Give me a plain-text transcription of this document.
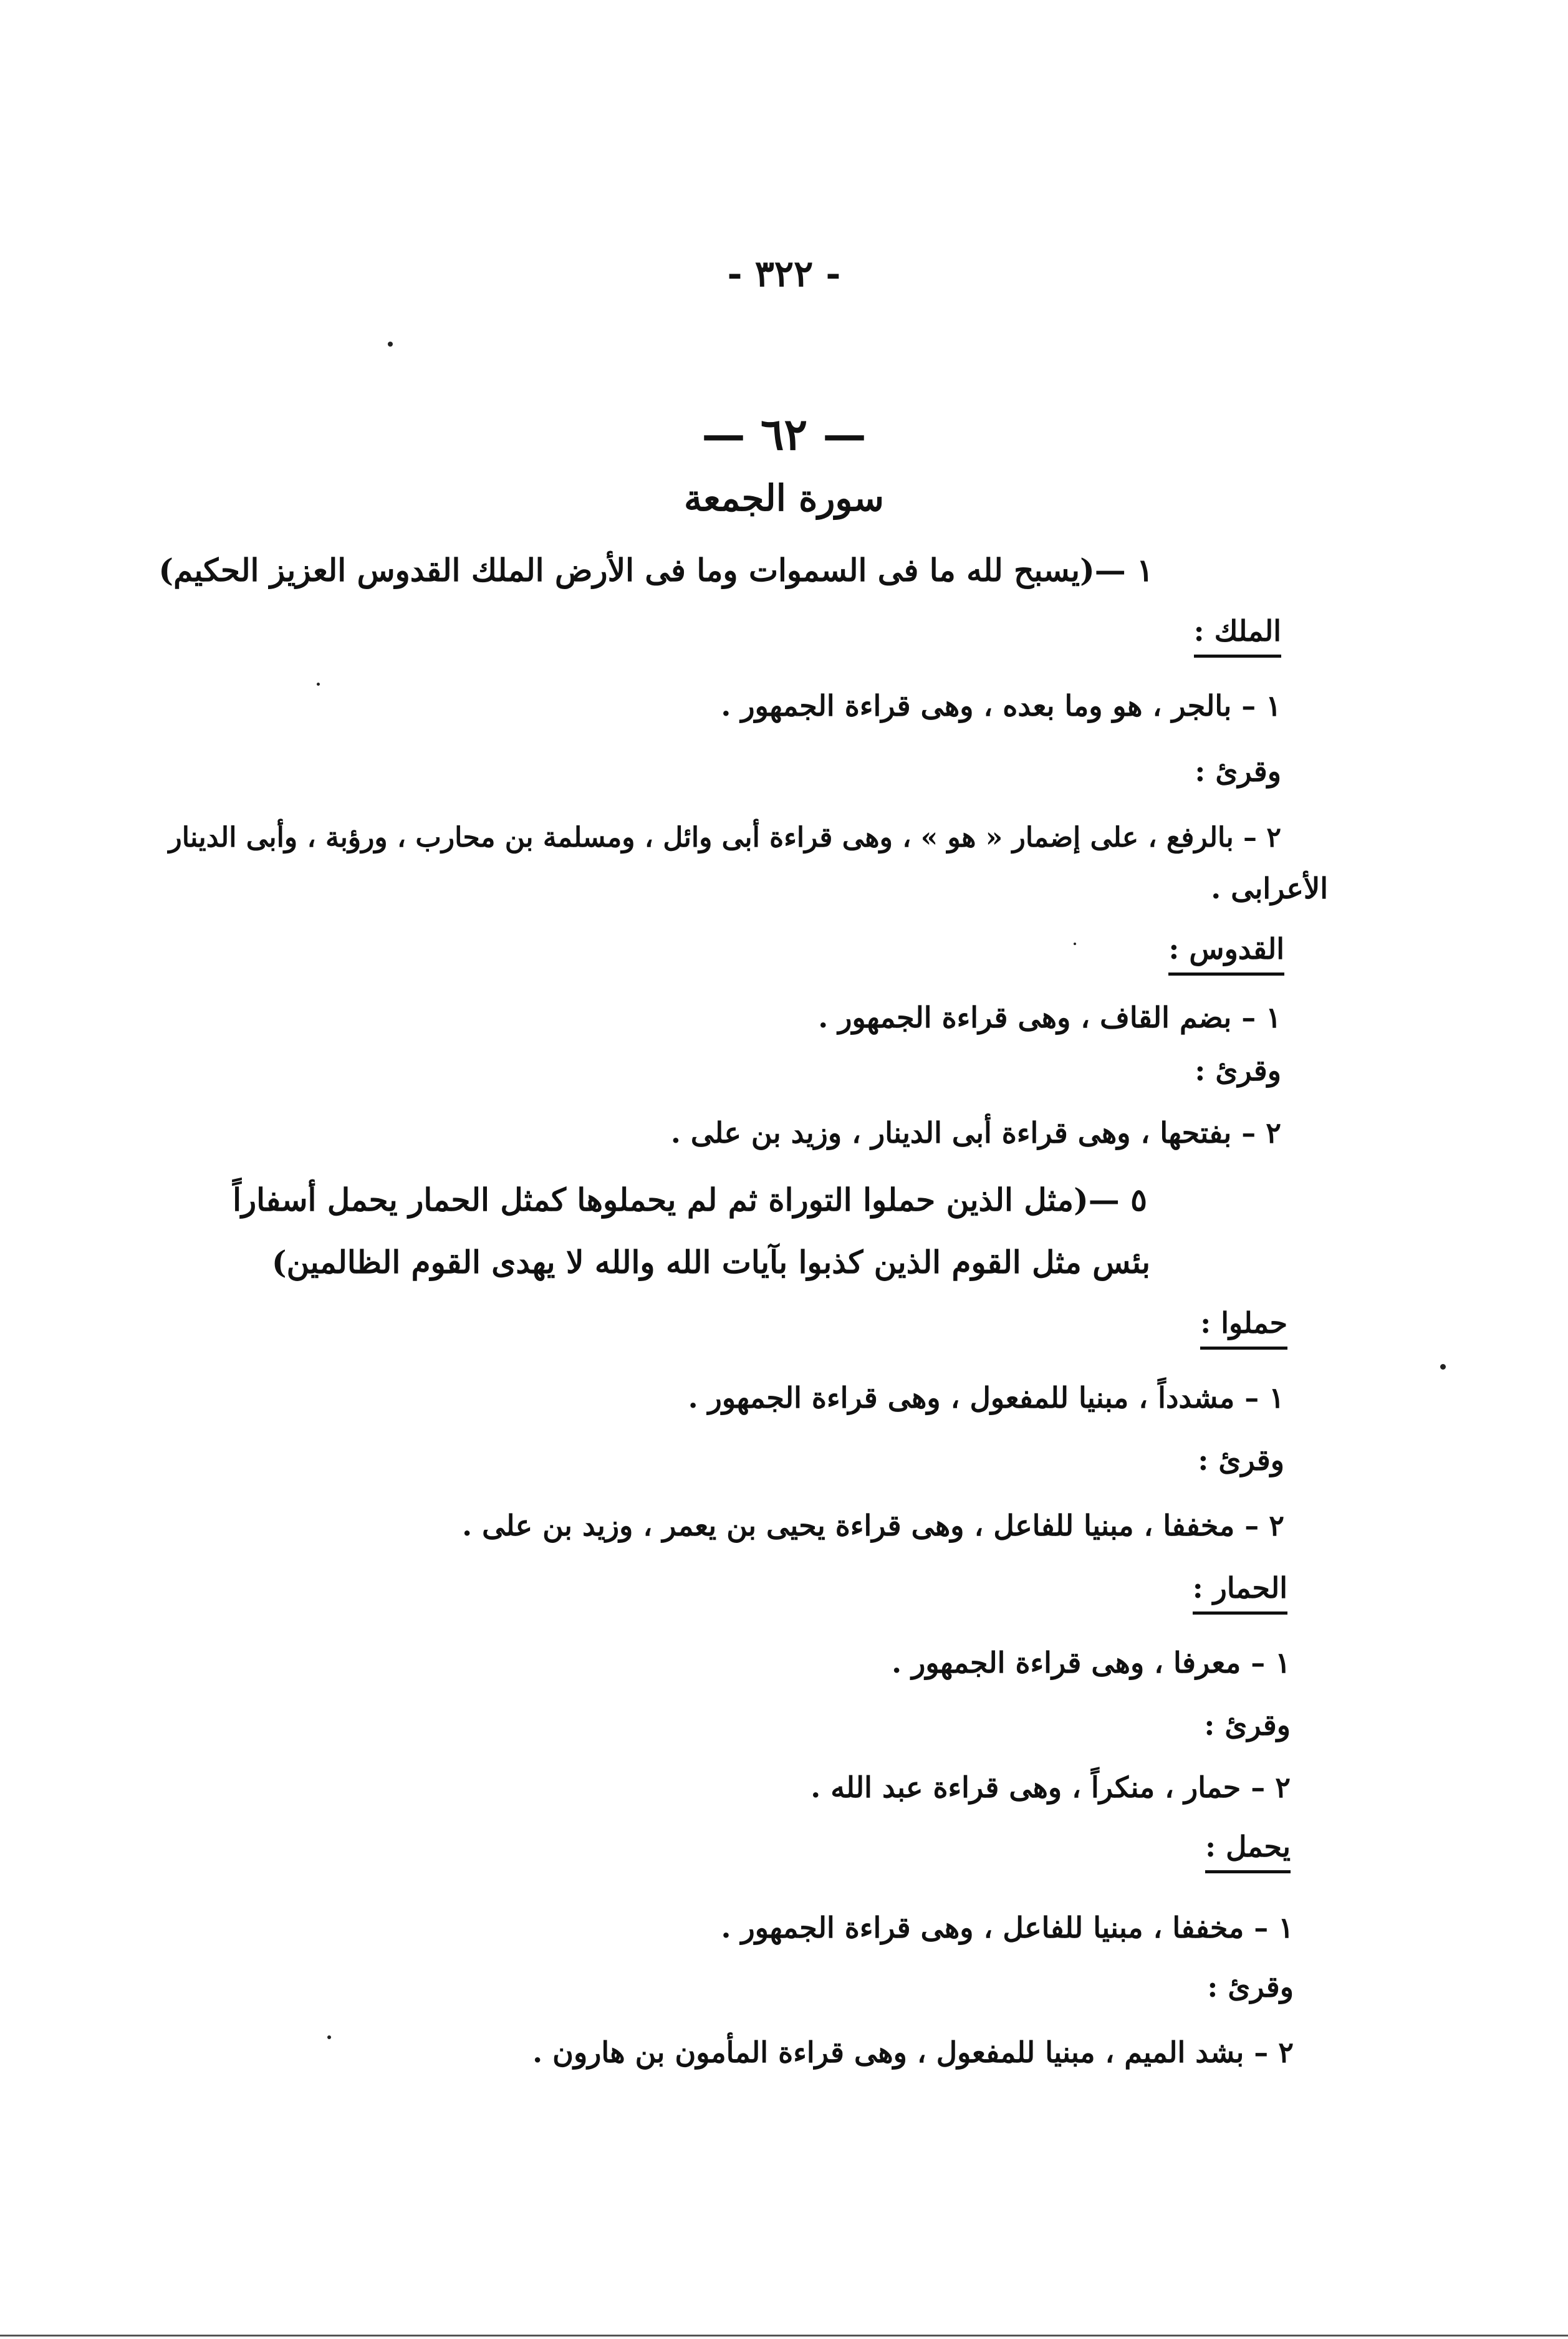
- ٣٢٢ -
— ٦٢ —
سورة الجمعة
١ —(يسبح لله ما فى السموات وما فى الأرض الملك القدوس العزيز الحكيم)
الملك :
١ – بالجر ، هو وما بعده ، وهى قراءة الجمهور .
وقرئ :
٢ – بالرفع ، على إضمار « هو » ، وهى قراءة أبى وائل ، ومسلمة بن محارب ، ورؤبة ، وأبى الدينار
الأعرابى .
القدوس :
١ – بضم القاف ، وهى قراءة الجمهور .
وقرئ :
٢ – بفتحها ، وهى قراءة أبى الدينار ، وزيد بن على .
٥ —(مثل الذين حملوا التوراة ثم لم يحملوها كمثل الحمار يحمل أسفاراً
بئس مثل القوم الذين كذبوا بآيات الله والله لا يهدى القوم الظالمين)
حملوا :
١ – مشدداً ، مبنيا للمفعول ، وهى قراءة الجمهور .
وقرئ :
٢ – مخففا ، مبنيا للفاعل ، وهى قراءة يحيى بن يعمر ، وزيد بن على .
الحمار :
١ – معرفا ، وهى قراءة الجمهور .
وقرئ :
٢ – حمار ، منكراً ، وهى قراءة عبد الله .
يحمل :
١ – مخففا ، مبنيا للفاعل ، وهى قراءة الجمهور .
وقرئ :
٢ – بشد الميم ، مبنيا للمفعول ، وهى قراءة المأمون بن هارون .
